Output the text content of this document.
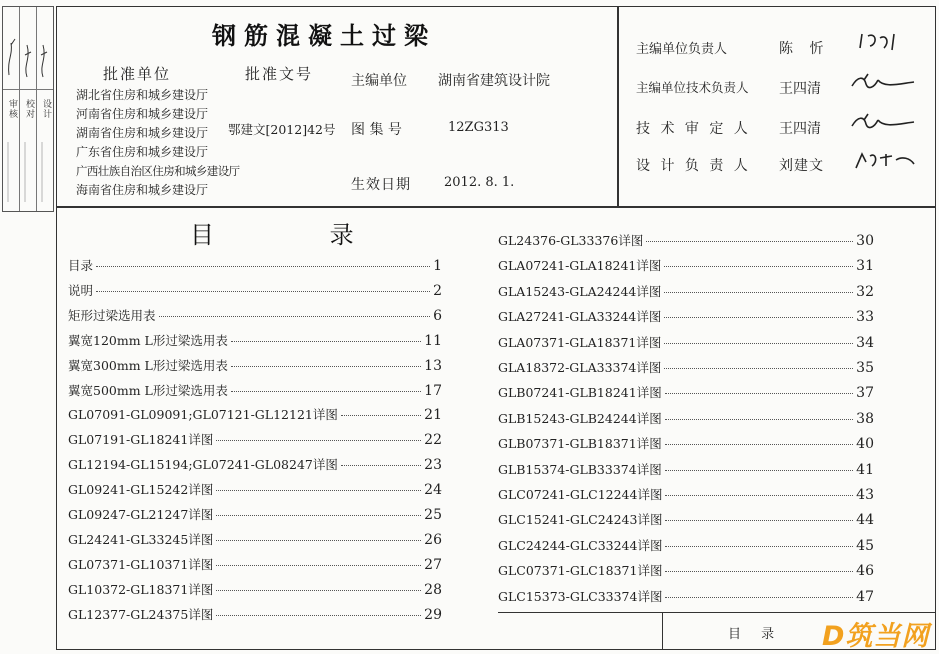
审核 校对 设计
钢筋混凝土过梁
批准单位	批准文号	主编单位 湖南省建筑设计院
湖北省住房和城乡建设厅
河南省住房和城乡建设厅
湖南省住房和城乡建设厅
广东省住房和城乡建设厅
广西壮族自治区住房和城乡建设厅
海南省住房和城乡建设厅
鄂建文[2012]42号 图 集 号	12ZG313
生效日期	2012. 8. 1.
主编单位负责人	陈 忻
主编单位技术负责人 王四清
技 术 审 定 人 王四清
设 计 负 责 人 刘建文
目 录
目录	1
说明	2
矩形过梁选用表	6
翼宽120mm L形过梁选用表	11
翼宽300mm L形过梁选用表	13
翼宽500mm L形过梁选用表	17
GL07091-GL09091;GL07121-GL12121详图	21
GL07191-GL18241详图	22
GL12194-GL15194;GL07241-GL08247详图	23
GL09241-GL15242详图	24
GL09247-GL21247详图	25
GL24241-GL33245详图	26
GL07371-GL10371详图	27
GL10372-GL18371详图	28
GL12377-GL24375详图	29
GL24376-GL33376详图	30
GLA07241-GLA18241详图	31
GLA15243-GLA24244详图	32
GLA27241-GLA33244详图	33
GLA07371-GLA18371详图	34
GLA18372-GLA33374详图	35
GLB07241-GLB18241详图	37
GLB15243-GLB24244详图	38
GLB07371-GLB18371详图	40
GLB15374-GLB33374详图	41
GLC07241-GLC12244详图	43
GLC15241-GLC24243详图	44
GLC24244-GLC33244详图	45
GLC07371-GLC18371详图	46
GLC15373-GLC33374详图	47
目 录 D筑当网
